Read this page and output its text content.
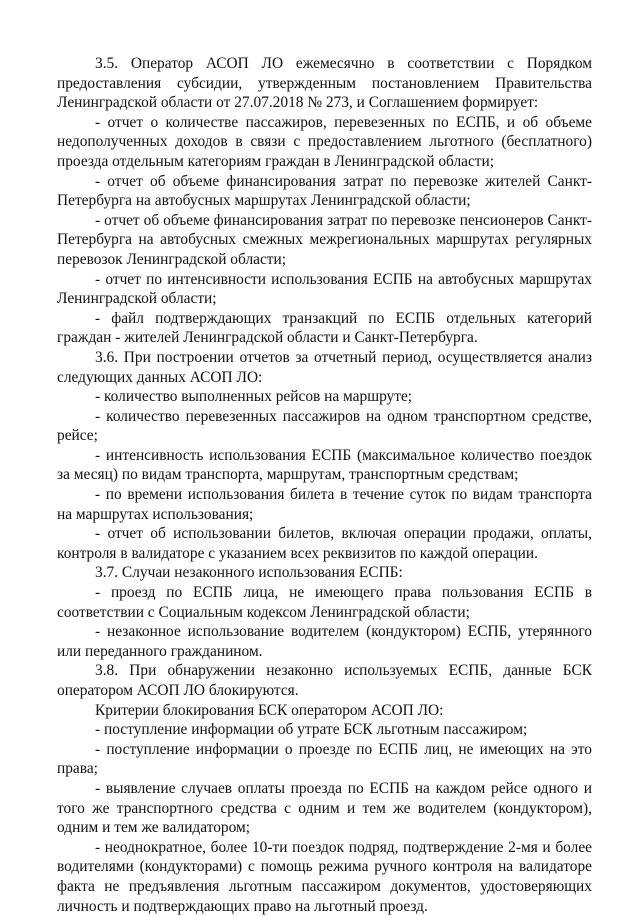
3.5. Оператор АСОП ЛО ежемесячно в соответствии с Порядком предоставления субсидии, утвержденным постановлением Правительства Ленинградской области от 27.07.2018 № 273, и Соглашением формирует:

- отчет о количестве пассажиров, перевезенных по ЕСПБ, и об объеме недополученных доходов в связи с предоставлением льготного (бесплатного) проезда отдельным категориям граждан в Ленинградской области;

- отчет об объеме финансирования затрат по перевозке жителей Санкт-Петербурга на автобусных маршрутах Ленинградской области;

- отчет об объеме финансирования затрат по перевозке пенсионеров Санкт-Петербурга на автобусных смежных межрегиональных маршрутах регулярных перевозок Ленинградской области;

- отчет по интенсивности использования ЕСПБ на автобусных маршрутах Ленинградской области;

- файл подтверждающих транзакций по ЕСПБ отдельных категорий граждан - жителей Ленинградской области и Санкт-Петербурга.

3.6. При построении отчетов за отчетный период, осуществляется анализ следующих данных АСОП ЛО:

- количество выполненных рейсов на маршруте;

- количество перевезенных пассажиров на одном транспортном средстве, рейсе;

- интенсивность использования ЕСПБ (максимальное количество поездок за месяц) по видам транспорта, маршрутам, транспортным средствам;

- по времени использования билета в течение суток по видам транспорта на маршрутах использования;

- отчет об использовании билетов, включая операции продажи, оплаты, контроля в валидаторе с указанием всех реквизитов по каждой операции.

3.7. Случаи незаконного использования ЕСПБ:

- проезд по ЕСПБ лица, не имеющего права пользования ЕСПБ в соответствии с Социальным кодексом Ленинградской области;

- незаконное использование водителем (кондуктором) ЕСПБ, утерянного или переданного гражданином.

3.8. При обнаружении незаконно используемых ЕСПБ, данные БСК оператором АСОП ЛО блокируются.

Критерии блокирования БСК оператором АСОП ЛО:

- поступление информации об утрате БСК льготным пассажиром;

- поступление информации о проезде по ЕСПБ лиц, не имеющих на это права;

- выявление случаев оплаты проезда по ЕСПБ на каждом рейсе одного и того же транспортного средства с одним и тем же водителем (кондуктором), одним и тем же валидатором;

- неоднократное, более 10-ти поездок подряд, подтверждение 2-мя и более водителями (кондукторами) с помощь режима ручного контроля на валидаторе факта не предъявления льготным пассажиром документов, удостоверяющих личность и подтверждающих право на льготный проезд.
